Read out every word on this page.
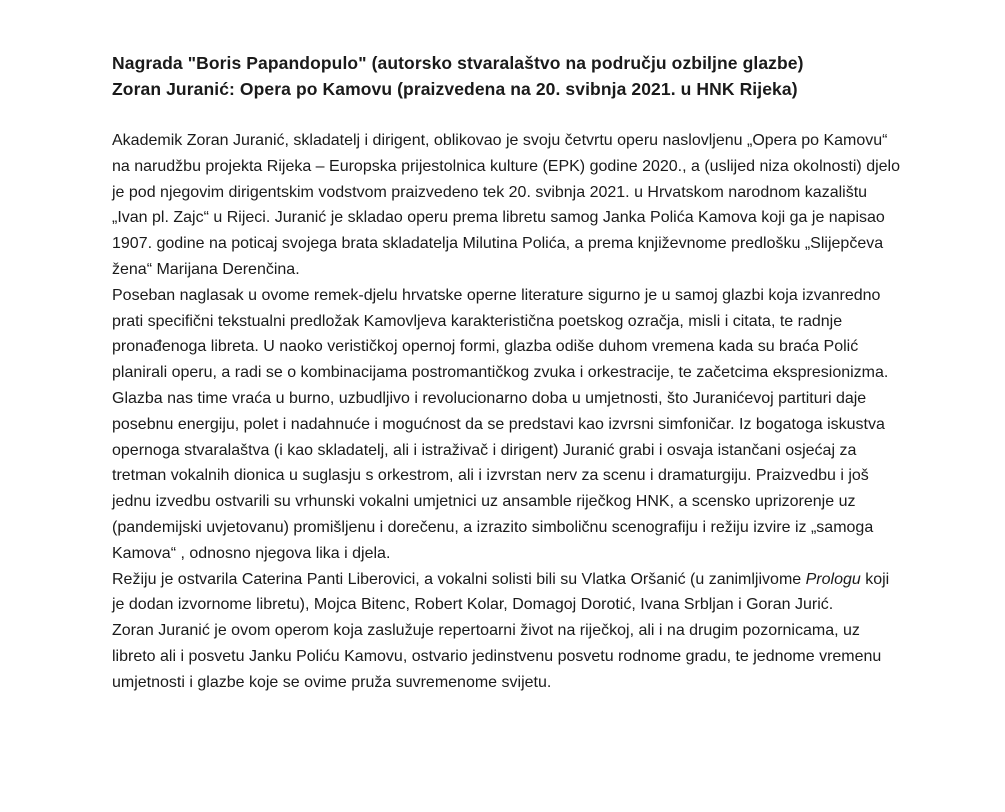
Nagrada "Boris Papandopulo" (autorsko stvaralaštvo na području ozbiljne glazbe)
Zoran Juranić: Opera po Kamovu (praizvedena na 20. svibnja 2021. u HNK Rijeka)

Akademik Zoran Juranić, skladatelj i dirigent, oblikovao je svoju četvrtu operu naslovljenu „Opera po Kamovu“ na narudžbu projekta Rijeka – Europska prijestolnica kulture (EPK) godine 2020., a (uslijed niza okolnosti) djelo je pod njegovim dirigentskim vodstvom praizvedeno tek 20. svibnja 2021. u Hrvatskom narodnom kazalištu „Ivan pl. Zajc“ u Rijeci. Juranić je skladao operu prema libretu samog Janka Polića Kamova koji ga je napisao 1907. godine na poticaj svojega brata skladatelja Milutina Polića, a prema književnome predlošku „Slijepčeva žena“ Marijana Derenčina.

Poseban naglasak u ovome remek-djelu hrvatske operne literature sigurno je u samoj glazbi koja izvanredno prati specifični tekstualni predložak Kamovljeva karakteristična poetskog ozračja, misli i citata, te radnje pronađenoga libreta. U naoko verističkoj opernoj formi, glazba odiše duhom vremena kada su braća Polić planirali operu, a radi se o kombinacijama postromantičkog zvuka i orkestracije, te začetcima ekspresionizma. Glazba nas time vraća u burno, uzbudljivo i revolucionarno doba u umjetnosti, što Juranićevoj partituri daje posebnu energiju, polet i nadahnuće i mogućnost da se predstavi kao izvrsni simfoničar. Iz bogatoga iskustva opernoga stvaralaštva (i kao skladatelj, ali i istraživač i dirigent) Juranić grabi i osvaja istančani osjećaj za tretman vokalnih dionica u suglasju s orkestrom, ali i izvrstan nerv za scenu i dramaturgiju. Praizvedbu i još jednu izvedbu ostvarili su vrhunski vokalni umjetnici uz ansamble riječkog HNK, a scensko uprizorenje uz (pandemijski uvjetovanu) promišljenu i dorečenu, a izrazito simboličnu scenografiju i režiju izvire iz „samoga Kamova“ , odnosno njegova lika i djela.

Režiju je ostvarila Caterina Panti Liberovici, a vokalni solisti bili su Vlatka Oršanić (u zanimljivome Prologu koji je dodan izvornome libretu), Mojca Bitenc, Robert Kolar, Domagoj Dorotić, Ivana Srbljan i Goran Jurić.

Zoran Juranić je ovom operom koja zaslužuje repertoarni život na riječkoj, ali i na drugim pozornicama, uz libreto ali i posvetu Janku Poliću Kamovu, ostvario jedinstvenu posvetu rodnome gradu, te jednome vremenu umjetnosti i glazbe koje se ovime pruža suvremenome svijetu.
